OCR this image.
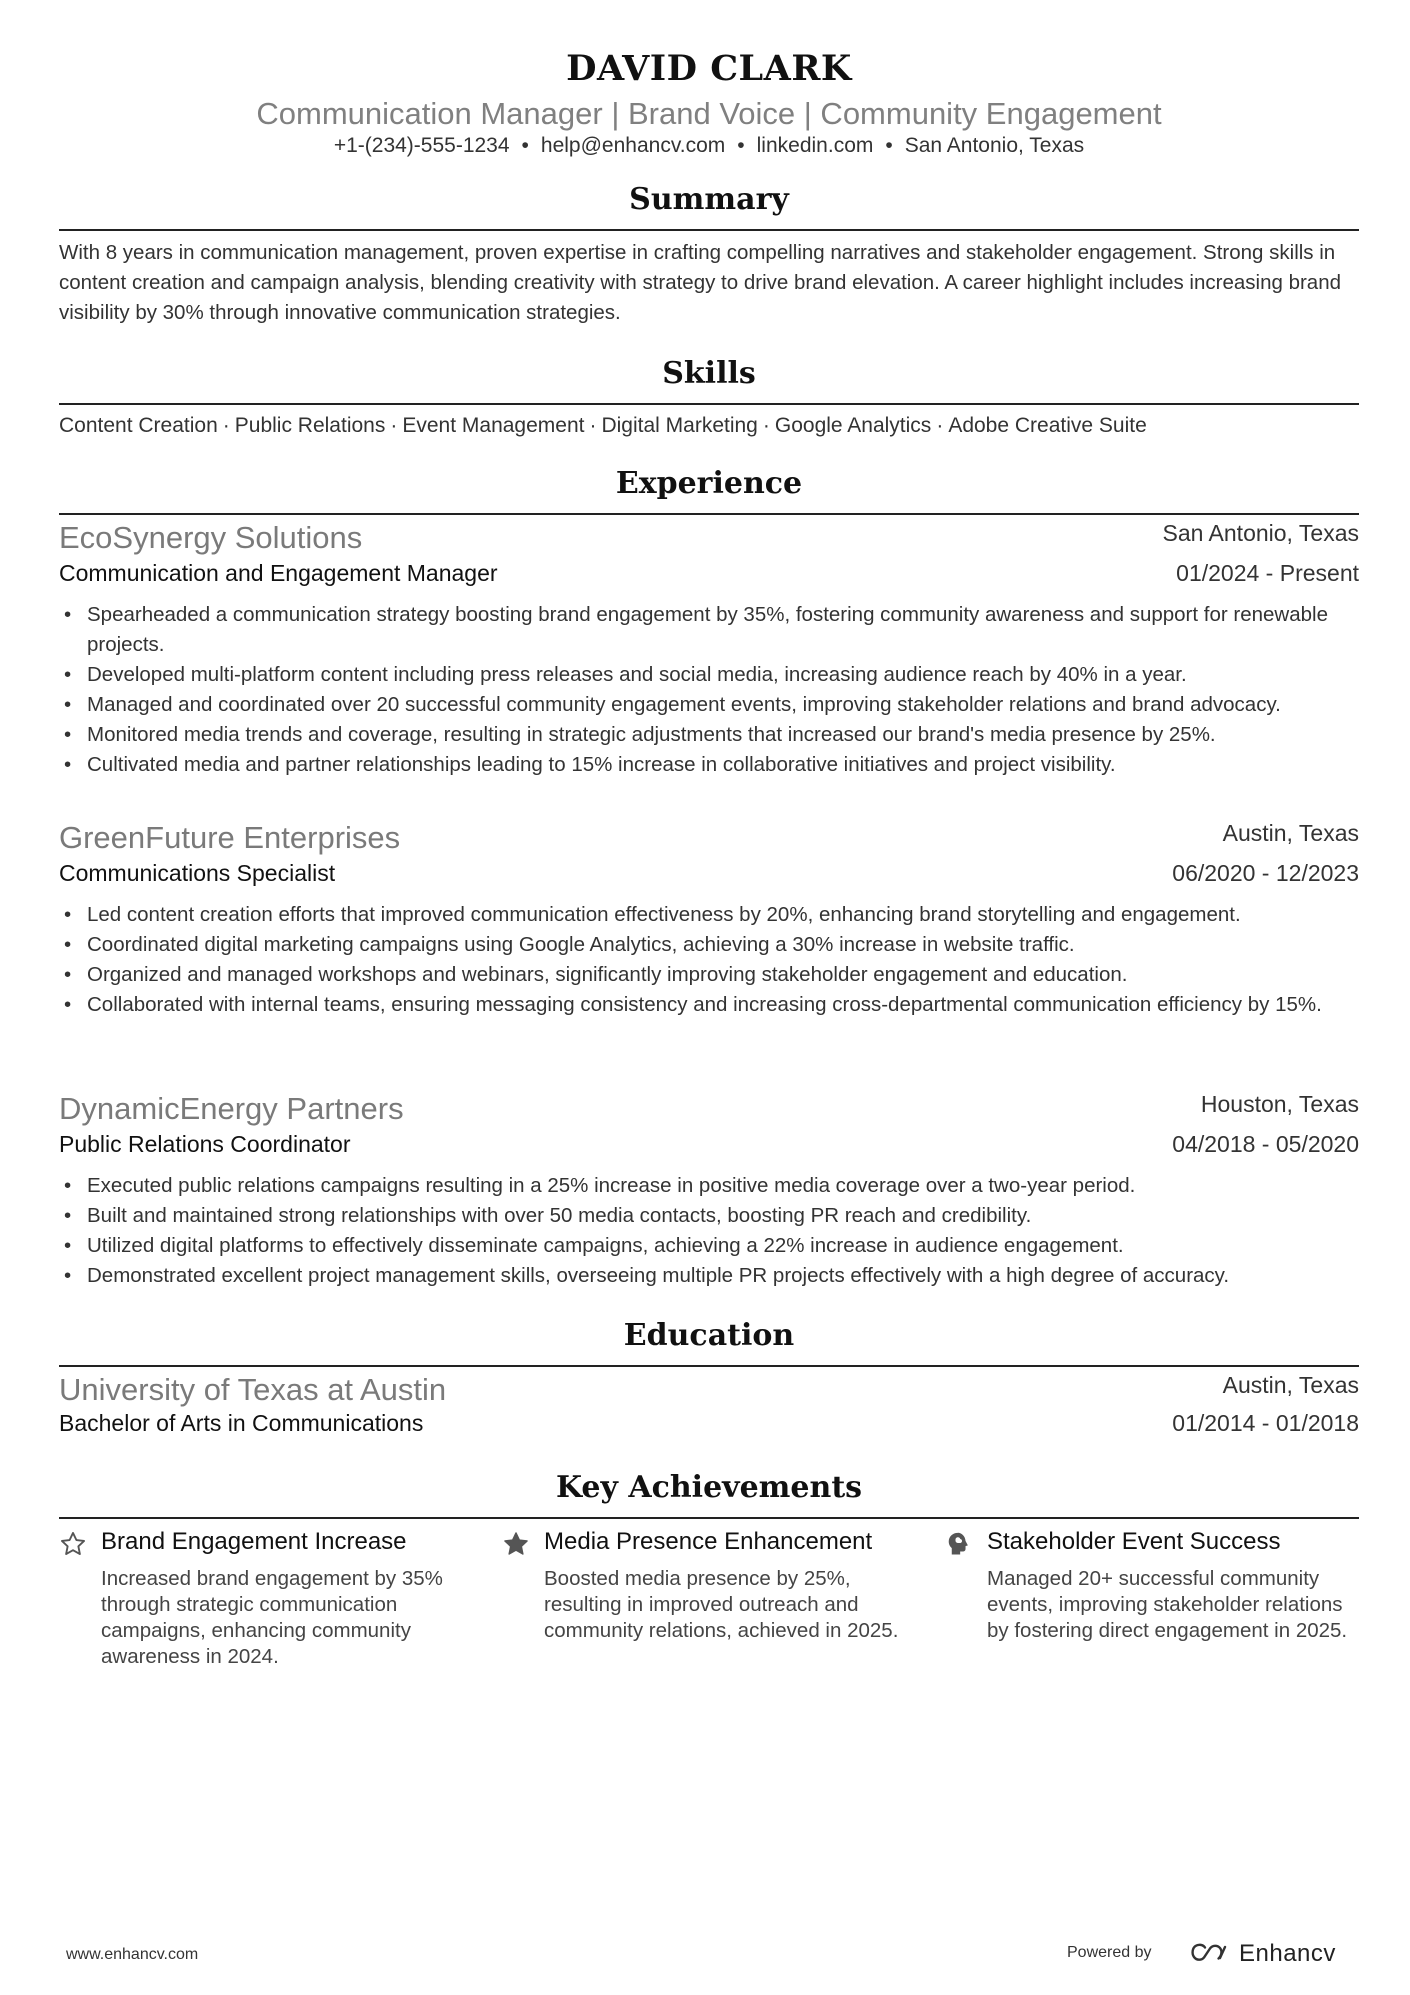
DAVID CLARK
Communication Manager | Brand Voice | Community Engagement
+1-(234)-555-1234 • help@enhancv.com • linkedin.com • San Antonio, Texas
Summary
With 8 years in communication management, proven expertise in crafting compelling narratives and stakeholder engagement. Strong skills in content creation and campaign analysis, blending creativity with strategy to drive brand elevation. A career highlight includes increasing brand visibility by 30% through innovative communication strategies.
Skills
Content Creation · Public Relations · Event Management · Digital Marketing · Google Analytics · Adobe Creative Suite
Experience
EcoSynergy Solutions	San Antonio, Texas
Communication and Engagement Manager	01/2024 - Present
• Spearheaded a communication strategy boosting brand engagement by 35%, fostering community awareness and support for renewable projects.
• Developed multi-platform content including press releases and social media, increasing audience reach by 40% in a year.
• Managed and coordinated over 20 successful community engagement events, improving stakeholder relations and brand advocacy.
• Monitored media trends and coverage, resulting in strategic adjustments that increased our brand's media presence by 25%.
• Cultivated media and partner relationships leading to 15% increase in collaborative initiatives and project visibility.
GreenFuture Enterprises	Austin, Texas
Communications Specialist	06/2020 - 12/2023
• Led content creation efforts that improved communication effectiveness by 20%, enhancing brand storytelling and engagement.
• Coordinated digital marketing campaigns using Google Analytics, achieving a 30% increase in website traffic.
• Organized and managed workshops and webinars, significantly improving stakeholder engagement and education.
• Collaborated with internal teams, ensuring messaging consistency and increasing cross-departmental communication efficiency by 15%.
DynamicEnergy Partners	Houston, Texas
Public Relations Coordinator	04/2018 - 05/2020
• Executed public relations campaigns resulting in a 25% increase in positive media coverage over a two-year period.
• Built and maintained strong relationships with over 50 media contacts, boosting PR reach and credibility.
• Utilized digital platforms to effectively disseminate campaigns, achieving a 22% increase in audience engagement.
• Demonstrated excellent project management skills, overseeing multiple PR projects effectively with a high degree of accuracy.
Education
University of Texas at Austin	Austin, Texas
Bachelor of Arts in Communications	01/2014 - 01/2018
Key Achievements
Brand Engagement Increase
Increased brand engagement by 35% through strategic communication campaigns, enhancing community awareness in 2024.
Media Presence Enhancement
Boosted media presence by 25%, resulting in improved outreach and community relations, achieved in 2025.
Stakeholder Event Success
Managed 20+ successful community events, improving stakeholder relations by fostering direct engagement in 2025.
www.enhancv.com	Powered by	Enhancv
